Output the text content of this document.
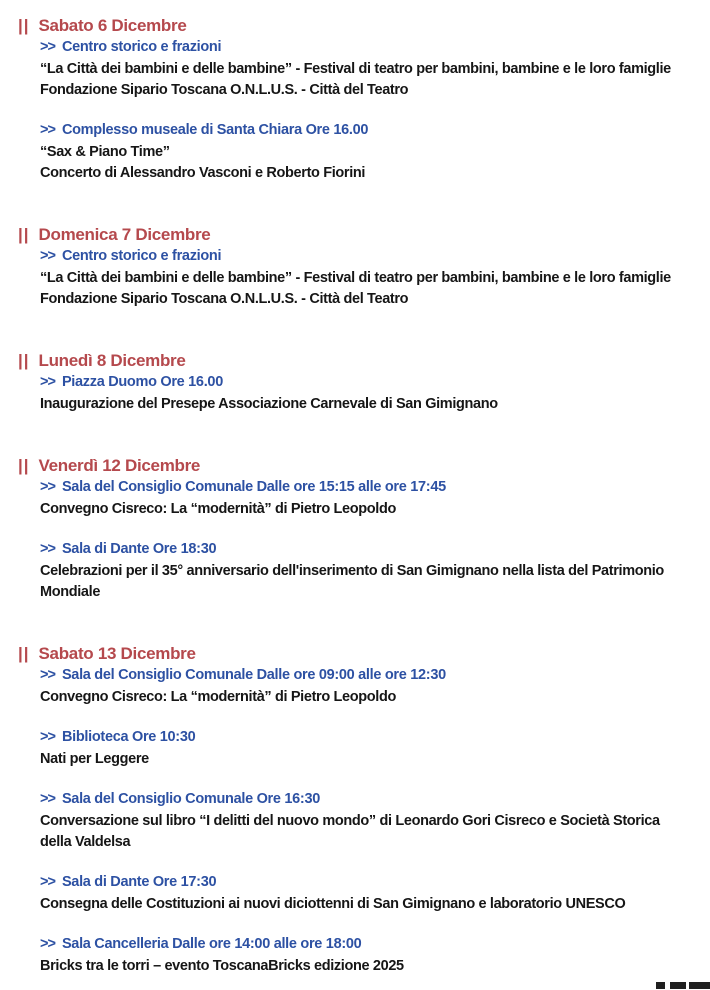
|| Sabato 6 Dicembre
>> Centro storico e frazioni

“La Città dei bambini e delle bambine” - Festival di teatro per bambini, bambine e le loro famiglie Fondazione Sipario Toscana O.N.L.U.S. - Città del Teatro

>> Complesso museale di Santa Chiara Ore 16.00

“Sax & Piano Time”

Concerto di Alessandro Vasconi e Roberto Fiorini

|| Domenica 7 Dicembre
>> Centro storico e frazioni

“La Città dei bambini e delle bambine” - Festival di teatro per bambini, bambine e le loro famiglie Fondazione Sipario Toscana O.N.L.U.S. - Città del Teatro

|| Lunedì 8 Dicembre
>> Piazza Duomo Ore 16.00

Inaugurazione del Presepe Associazione Carnevale di San Gimignano

|| Venerdì 12 Dicembre
>> Sala del Consiglio Comunale Dalle ore 15:15 alle ore 17:45

Convegno Cisreco: La “modernità” di Pietro Leopoldo

>> Sala di Dante Ore 18:30

Celebrazioni per il 35° anniversario dell'inserimento di San Gimignano nella lista del Patrimonio Mondiale

|| Sabato 13 Dicembre
>> Sala del Consiglio Comunale Dalle ore 09:00 alle ore 12:30

Convegno Cisreco: La “modernità” di Pietro Leopoldo

>> Biblioteca Ore 10:30

Nati per Leggere

>> Sala del Consiglio Comunale Ore 16:30

Conversazione sul libro “I delitti del nuovo mondo” di Leonardo Gori Cisreco e Società Storica della Valdelsa

>> Sala di Dante Ore 17:30

Consegna delle Costituzioni ai nuovi diciottenni di San Gimignano e laboratorio UNESCO

>> Sala Cancelleria Dalle ore 14:00 alle ore 18:00

Bricks tra le torri – evento ToscanaBricks edizione 2025
